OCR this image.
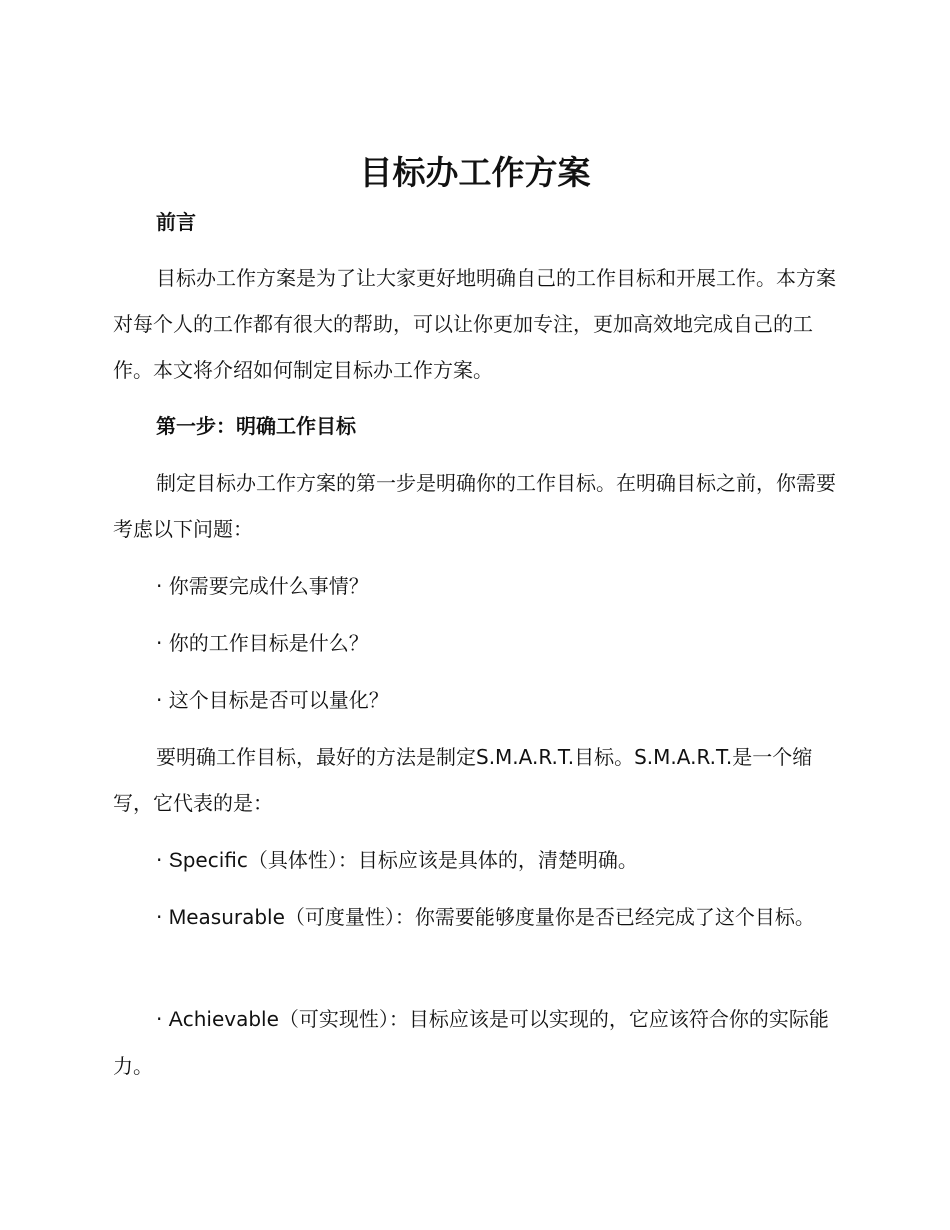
目标办工作方案

前言

目标办工作方案是为了让大家更好地明确自己的工作目标和开展工作。本方案对每个人的工作都有很大的帮助，可以让你更加专注，更加高效地完成自己的工作。本文将介绍如何制定目标办工作方案。

第一步：明确工作目标

制定目标办工作方案的第一步是明确你的工作目标。在明确目标之前，你需要考虑以下问题：

· 你需要完成什么事情？

· 你的工作目标是什么？

· 这个目标是否可以量化？

要明确工作目标，最好的方法是制定S.M.A.R.T.目标。S.M.A.R.T.是一个缩写，它代表的是：

· Specific（具体性）：目标应该是具体的，清楚明确。

· Measurable（可度量性）：你需要能够度量你是否已经完成了这个目标。

· Achievable（可实现性）：目标应该是可以实现的，它应该符合你的实际能力。
